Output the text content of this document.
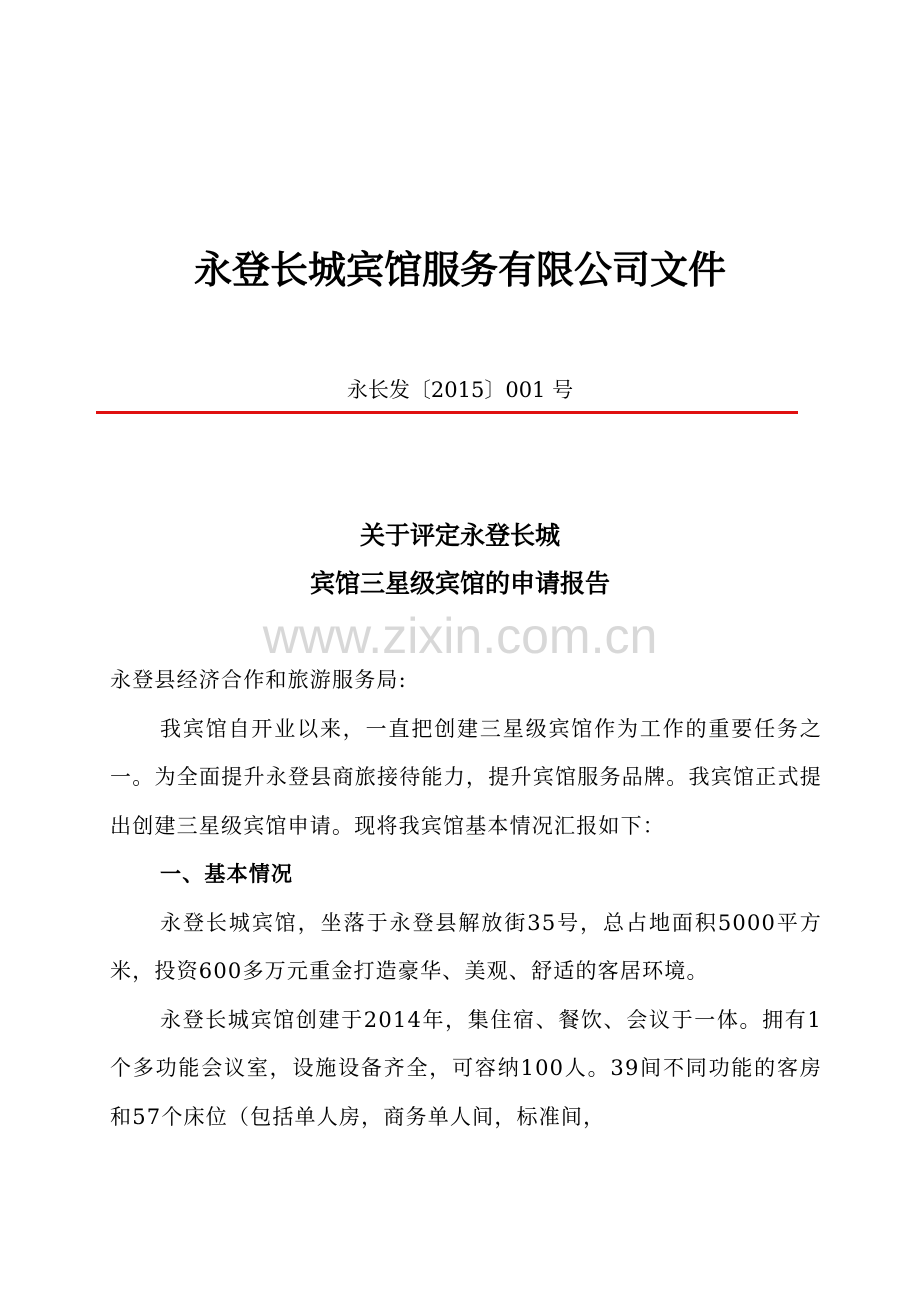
永登长城宾馆服务有限公司文件
永长发〔2015〕001 号
关于评定永登长城
宾馆三星级宾馆的申请报告
www.zixin.com.cn

永登县经济合作和旅游服务局:

我宾馆自开业以来，一直把创建三星级宾馆作为工作的重要任务之一。为全面提升永登县商旅接待能力，提升宾馆服务品牌。我宾馆正式提出创建三星级宾馆申请。现将我宾馆基本情况汇报如下：

一、基本情况

永登长城宾馆，坐落于永登县解放街35号，总占地面积5000平方米，投资600多万元重金打造豪华、美观、舒适的客居环境。

永登长城宾馆创建于2014年，集住宿、餐饮、会议于一体。拥有1个多功能会议室，设施设备齐全，可容纳100人。39间不同功能的客房和57个床位（包括单人房，商务单人间，标准间，
